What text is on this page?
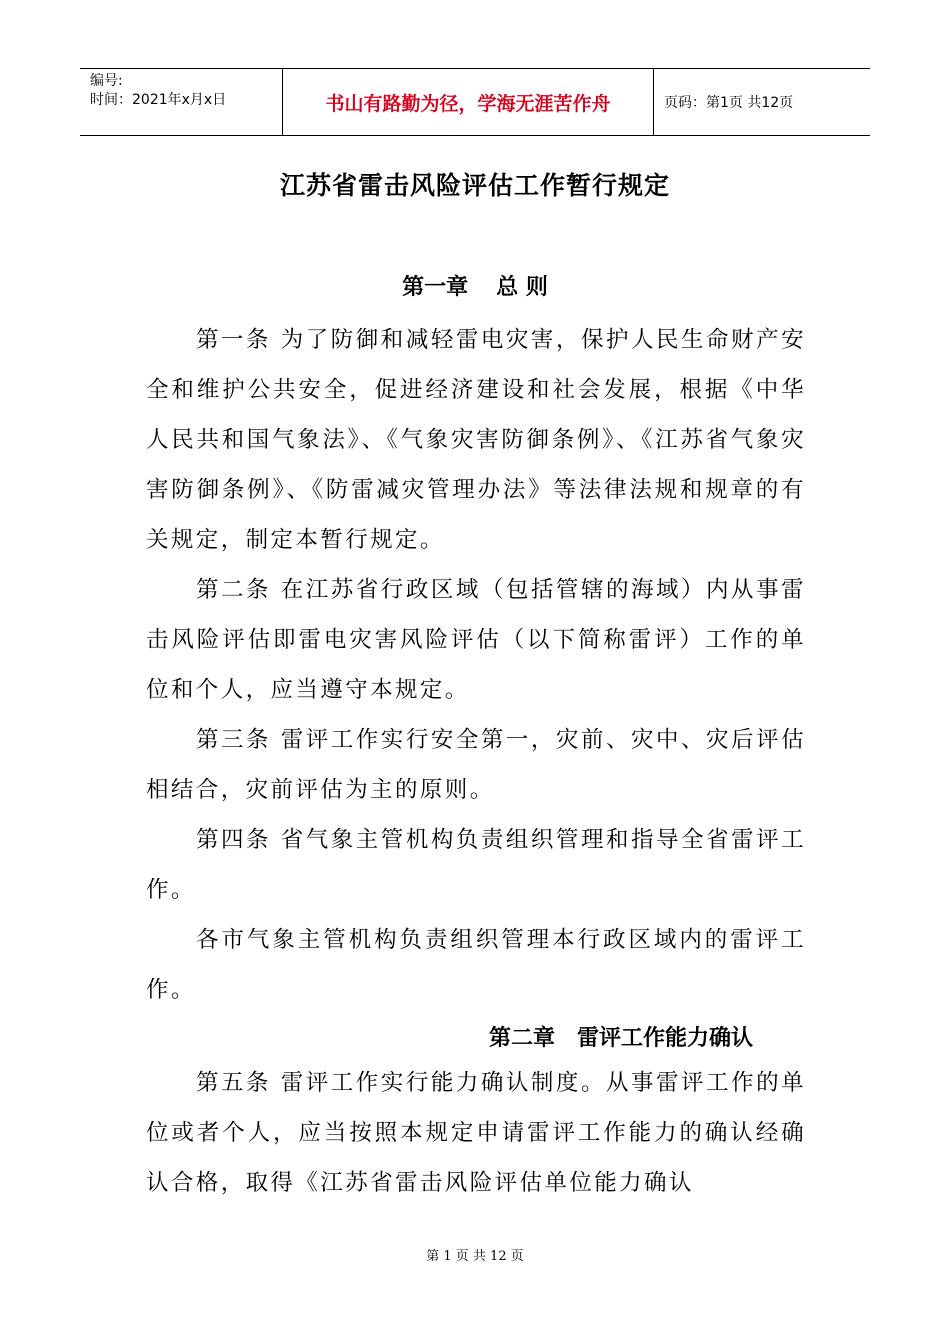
编号:
时间：2021年x月x日	书山有路勤为径，学海无涯苦作舟	页码：第1页 共12页
江苏省雷击风险评估工作暂行规定
第一章 总 则

第一条 为了防御和减轻雷电灾害，保护人民生命财产安全和维护公共安全，促进经济建设和社会发展，根据《中华人民共和国气象法》、《气象灾害防御条例》、《江苏省气象灾害防御条例》、《防雷减灾管理办法》等法律法规和规章的有关规定，制定本暂行规定。

第二条 在江苏省行政区域（包括管辖的海域）内从事雷击风险评估即雷电灾害风险评估（以下简称雷评）工作的单位和个人，应当遵守本规定。

第三条 雷评工作实行安全第一，灾前、灾中、灾后评估相结合，灾前评估为主的原则。

第四条 省气象主管机构负责组织管理和指导全省雷评工作。

各市气象主管机构负责组织管理本行政区域内的雷评工作。

第二章 雷评工作能力确认

第五条 雷评工作实行能力确认制度。从事雷评工作的单位或者个人，应当按照本规定申请雷评工作能力的确认经确认合格，取得《江苏省雷击风险评估单位能力确认

第 1 页 共 12 页
